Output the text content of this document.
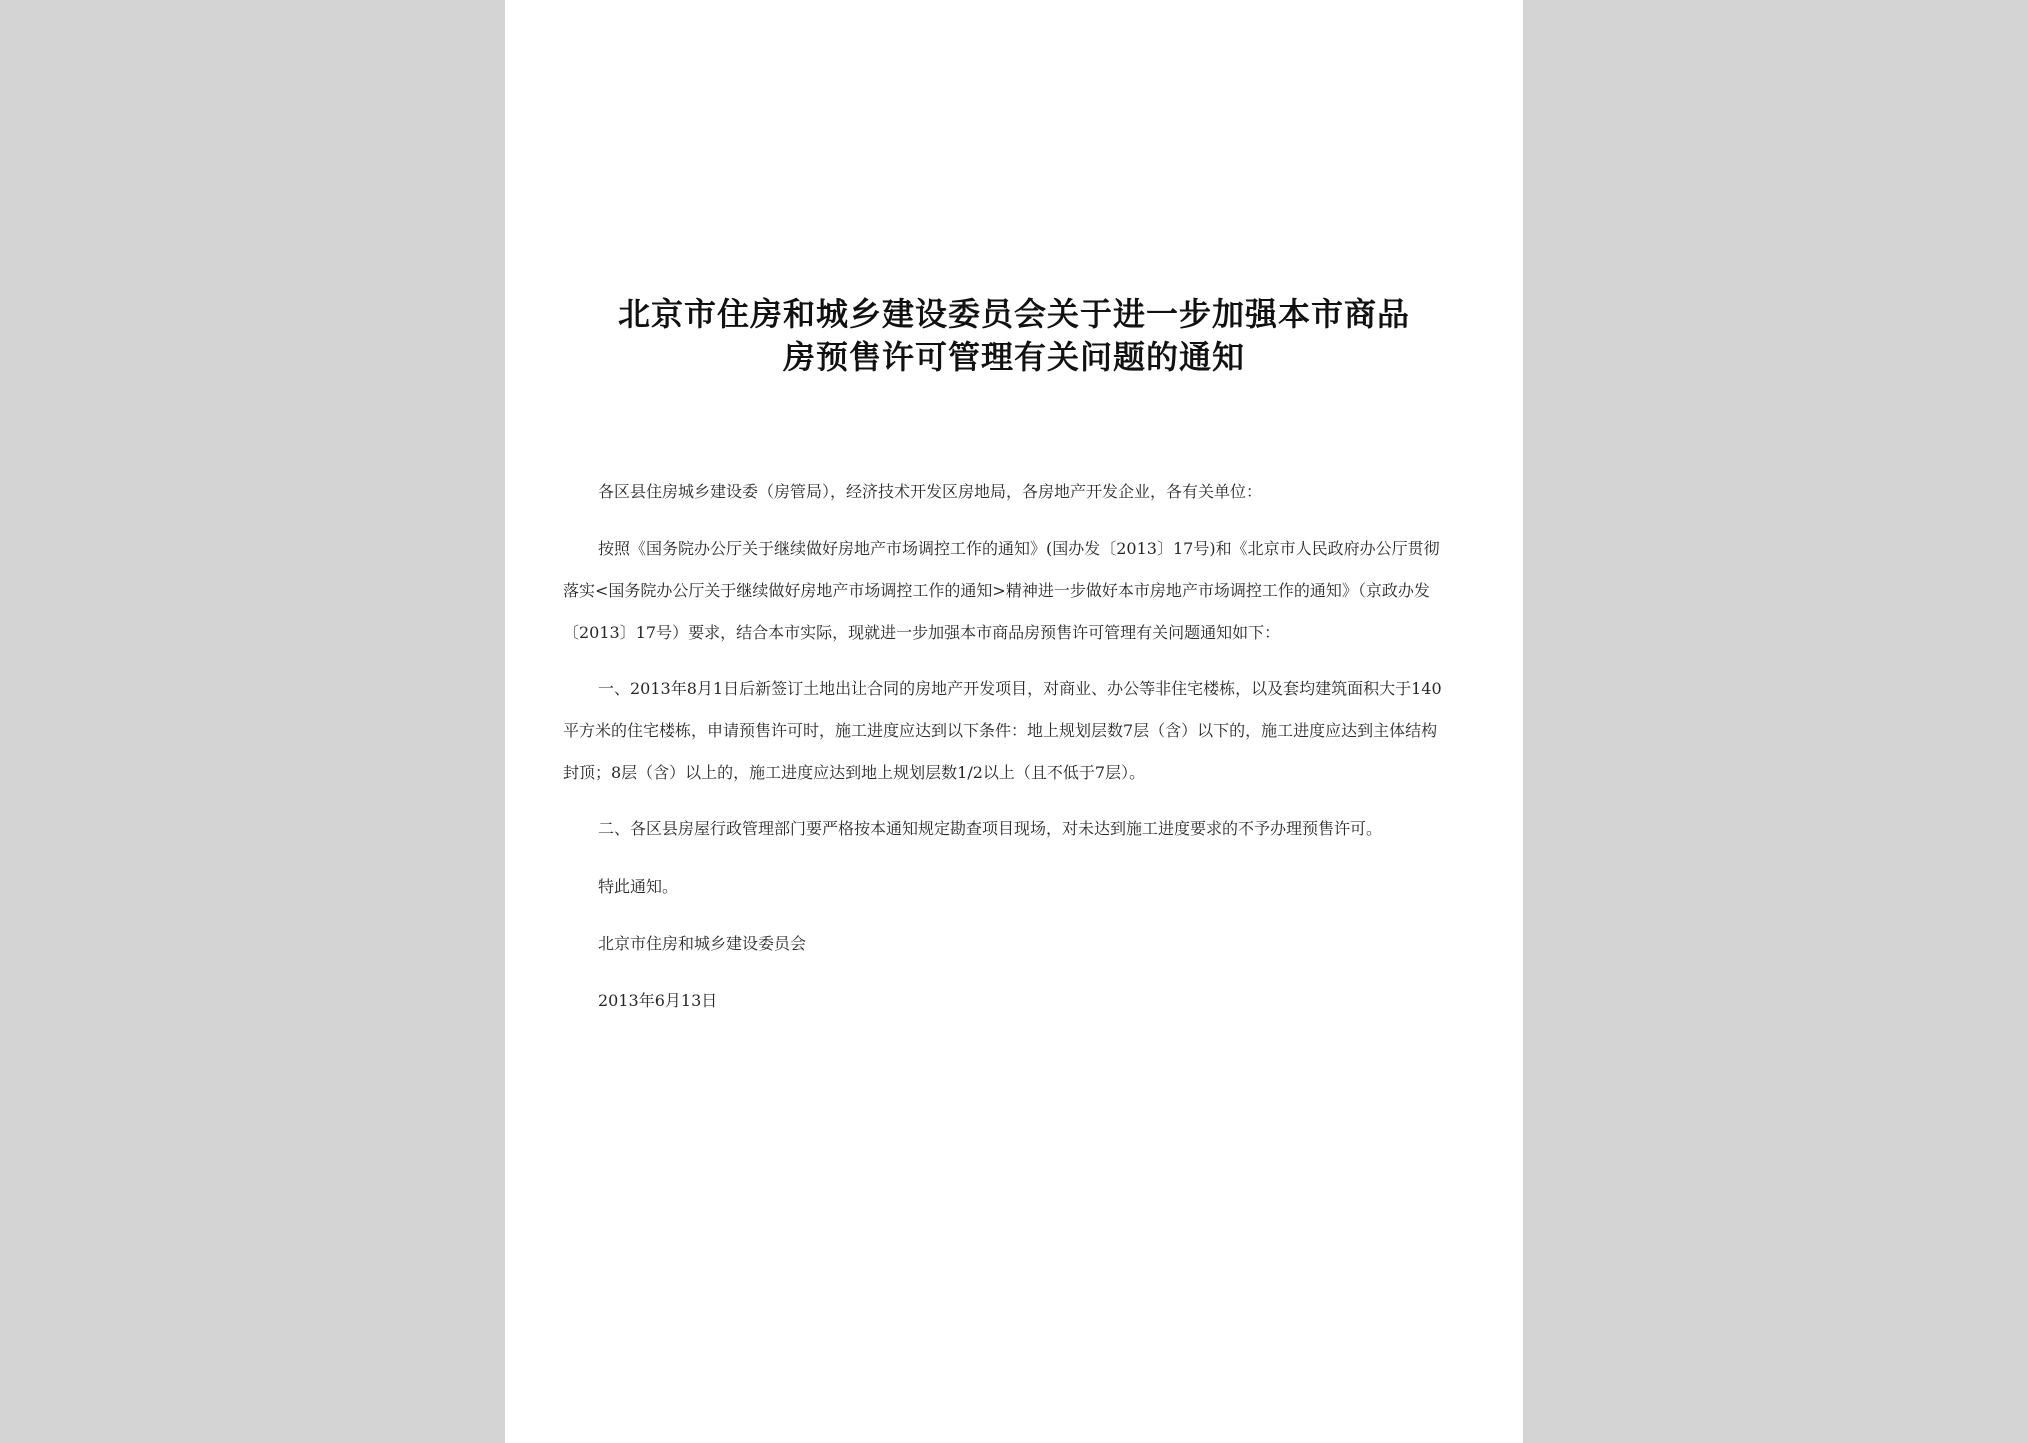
北京市住房和城乡建设委员会关于进一步加强本市商品
房预售许可管理有关问题的通知

各区县住房城乡建设委（房管局），经济技术开发区房地局，各房地产开发企业，各有关单位：

按照《国务院办公厅关于继续做好房地产市场调控工作的通知》(国办发〔2013〕17号)和《北京市人民政府办公厅贯彻落实<国务院办公厅关于继续做好房地产市场调控工作的通知>精神进一步做好本市房地产市场调控工作的通知》（京政办发〔2013〕17号）要求，结合本市实际，现就进一步加强本市商品房预售许可管理有关问题通知如下：

一、2013年8月1日后新签订土地出让合同的房地产开发项目，对商业、办公等非住宅楼栋，以及套均建筑面积大于140平方米的住宅楼栋，申请预售许可时，施工进度应达到以下条件：地上规划层数7层（含）以下的，施工进度应达到主体结构封顶；8层（含）以上的，施工进度应达到地上规划层数1/2以上（且不低于7层）。

二、各区县房屋行政管理部门要严格按本通知规定勘查项目现场，对未达到施工进度要求的不予办理预售许可。

特此通知。

北京市住房和城乡建设委员会

2013年6月13日
